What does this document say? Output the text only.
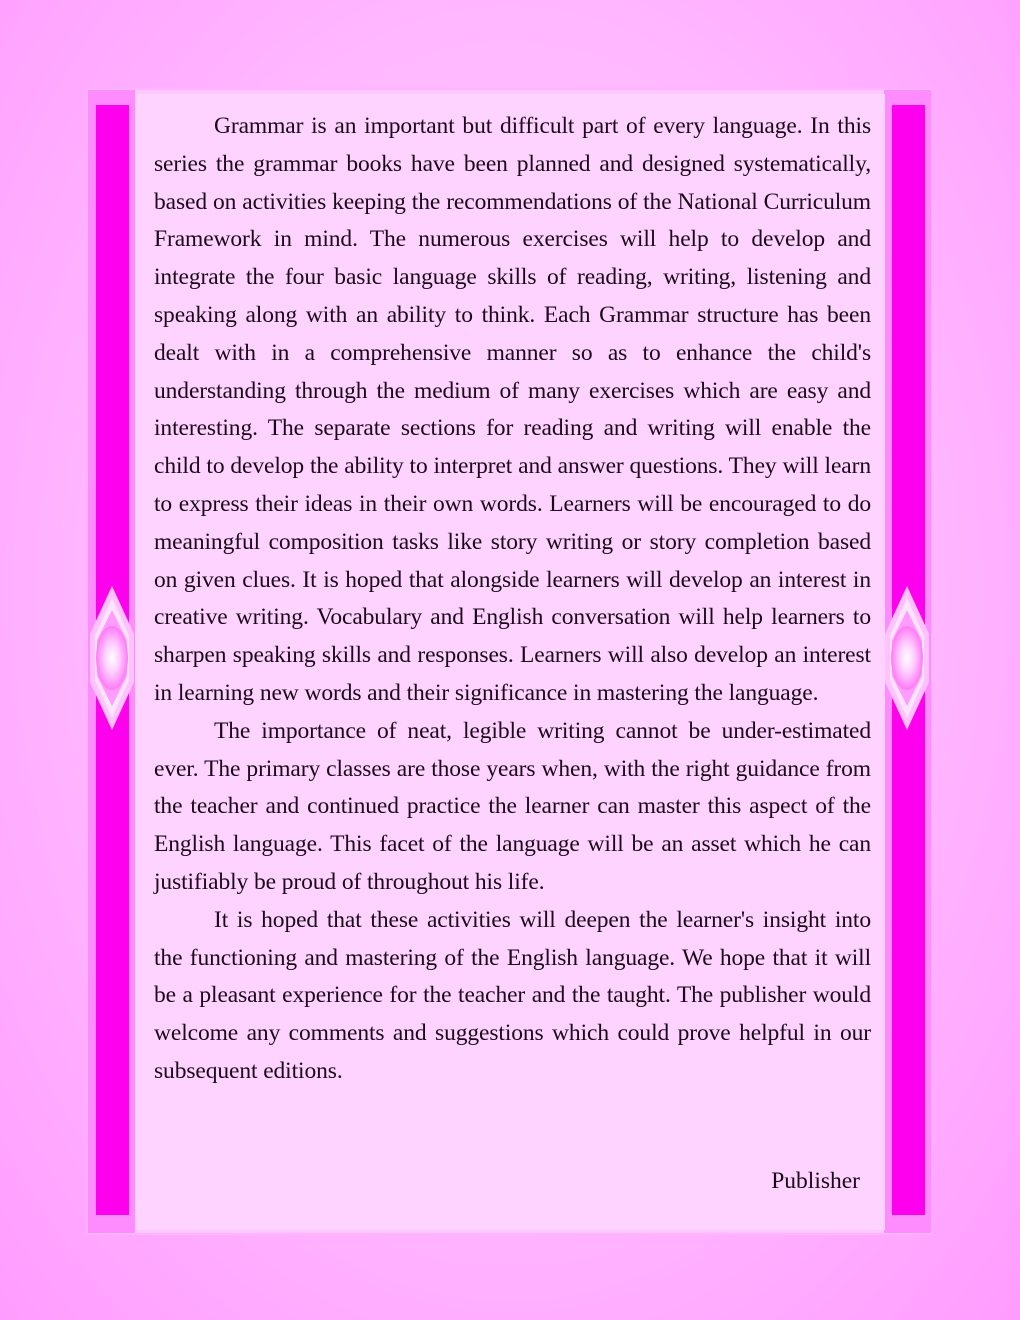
Grammar is an important but difficult part of every language. In this series the grammar books have been planned and designed systematically, based on activities keeping the recommendations of the National Curriculum Framework in mind. The numerous exercises will help to develop and integrate the four basic language skills of reading, writing, listening and speaking along with an ability to think. Each Grammar structure has been dealt with in a comprehensive manner so as to enhance the child's understanding through the medium of many exercises which are easy and interesting. The separate sections for reading and writing will enable the child to develop the ability to interpret and answer questions. They will learn to express their ideas in their own words. Learners will be encouraged to do meaningful composition tasks like story writing or story completion based on given clues. It is hoped that alongside learners will develop an interest in creative writing. Vocabulary and English conversation will help learners to sharpen speaking skills and responses. Learners will also develop an interest in learning new words and their significance in mastering the language.

The importance of neat, legible writing cannot be under-estimated ever. The primary classes are those years when, with the right guidance from the teacher and continued practice the learner can master this aspect of the English language. This facet of the language will be an asset which he can justifiably be proud of throughout his life.

It is hoped that these activities will deepen the learner's insight into the functioning and mastering of the English language. We hope that it will be a pleasant experience for the teacher and the taught. The publisher would welcome any comments and suggestions which could prove helpful in our subsequent editions.

Publisher
